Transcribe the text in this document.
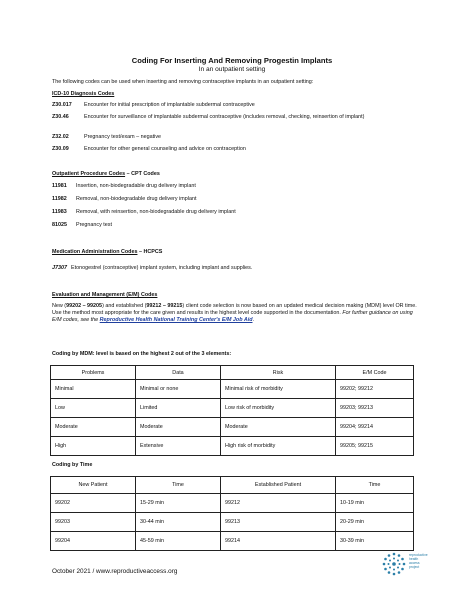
Coding For Inserting And Removing Progestin Implants
In an outpatient setting
The following codes can be used when inserting and removing contraceptive implants in an outpatient setting:
ICD-10 Diagnosis Codes
Z30.017 Encounter for initial prescription of implantable subdermal contraceptive
Z30.46	Encounter for surveillance of implantable subdermal contraceptive (includes removal, checking, reinsertion of implant)
Z32.02	Pregnancy test/exam – negative
Z30.09	Encounter for other general counseling and advice on contraception
Outpatient Procedure Codes – CPT Codes
11981 Insertion, non-biodegradable drug delivery implant
11982 Removal, non-biodegradable drug delivery implant
11983 Removal, with reinsertion, non-biodegradable drug delivery implant
81025 Pregnancy test
Medication Administration Codes – HCPCS
J7307 Etonogestrel (contraceptive) implant system, including implant and supplies.
Evaluation and Management (E/M) Codes
New (99202 – 99205) and established (99212 – 99215) client code selection is now based on an updated medical decision making (MDM) level OR time. Use the method most appropriate for the care given and results in the highest level code supported in the documentation. For further guidance on using E/M codes, see the Reproductive Health National Training Center's E/M Job Aid.
Coding by MDM: level is based on the highest 2 out of the 3 elements:
Problems	Data	Risk	E/M Code
Minimal	Minimal or none	Minimal risk of morbidity	99202; 99212
Low	Limited	Low risk of morbidity	99203; 99213
Moderate	Moderate	Moderate	99204; 99214
High	Extensive	High risk of morbidity	99205; 99215
Coding by Time
New Patient	Time	Established Patient	Time
99202	15-29 min	99212	10-19 min
99203	30-44 min	99213	20-29 min
99204	45-59 min	99214	30-39 min
October 2021 / www.reproductiveaccess.org
reproductive
health
access
project
